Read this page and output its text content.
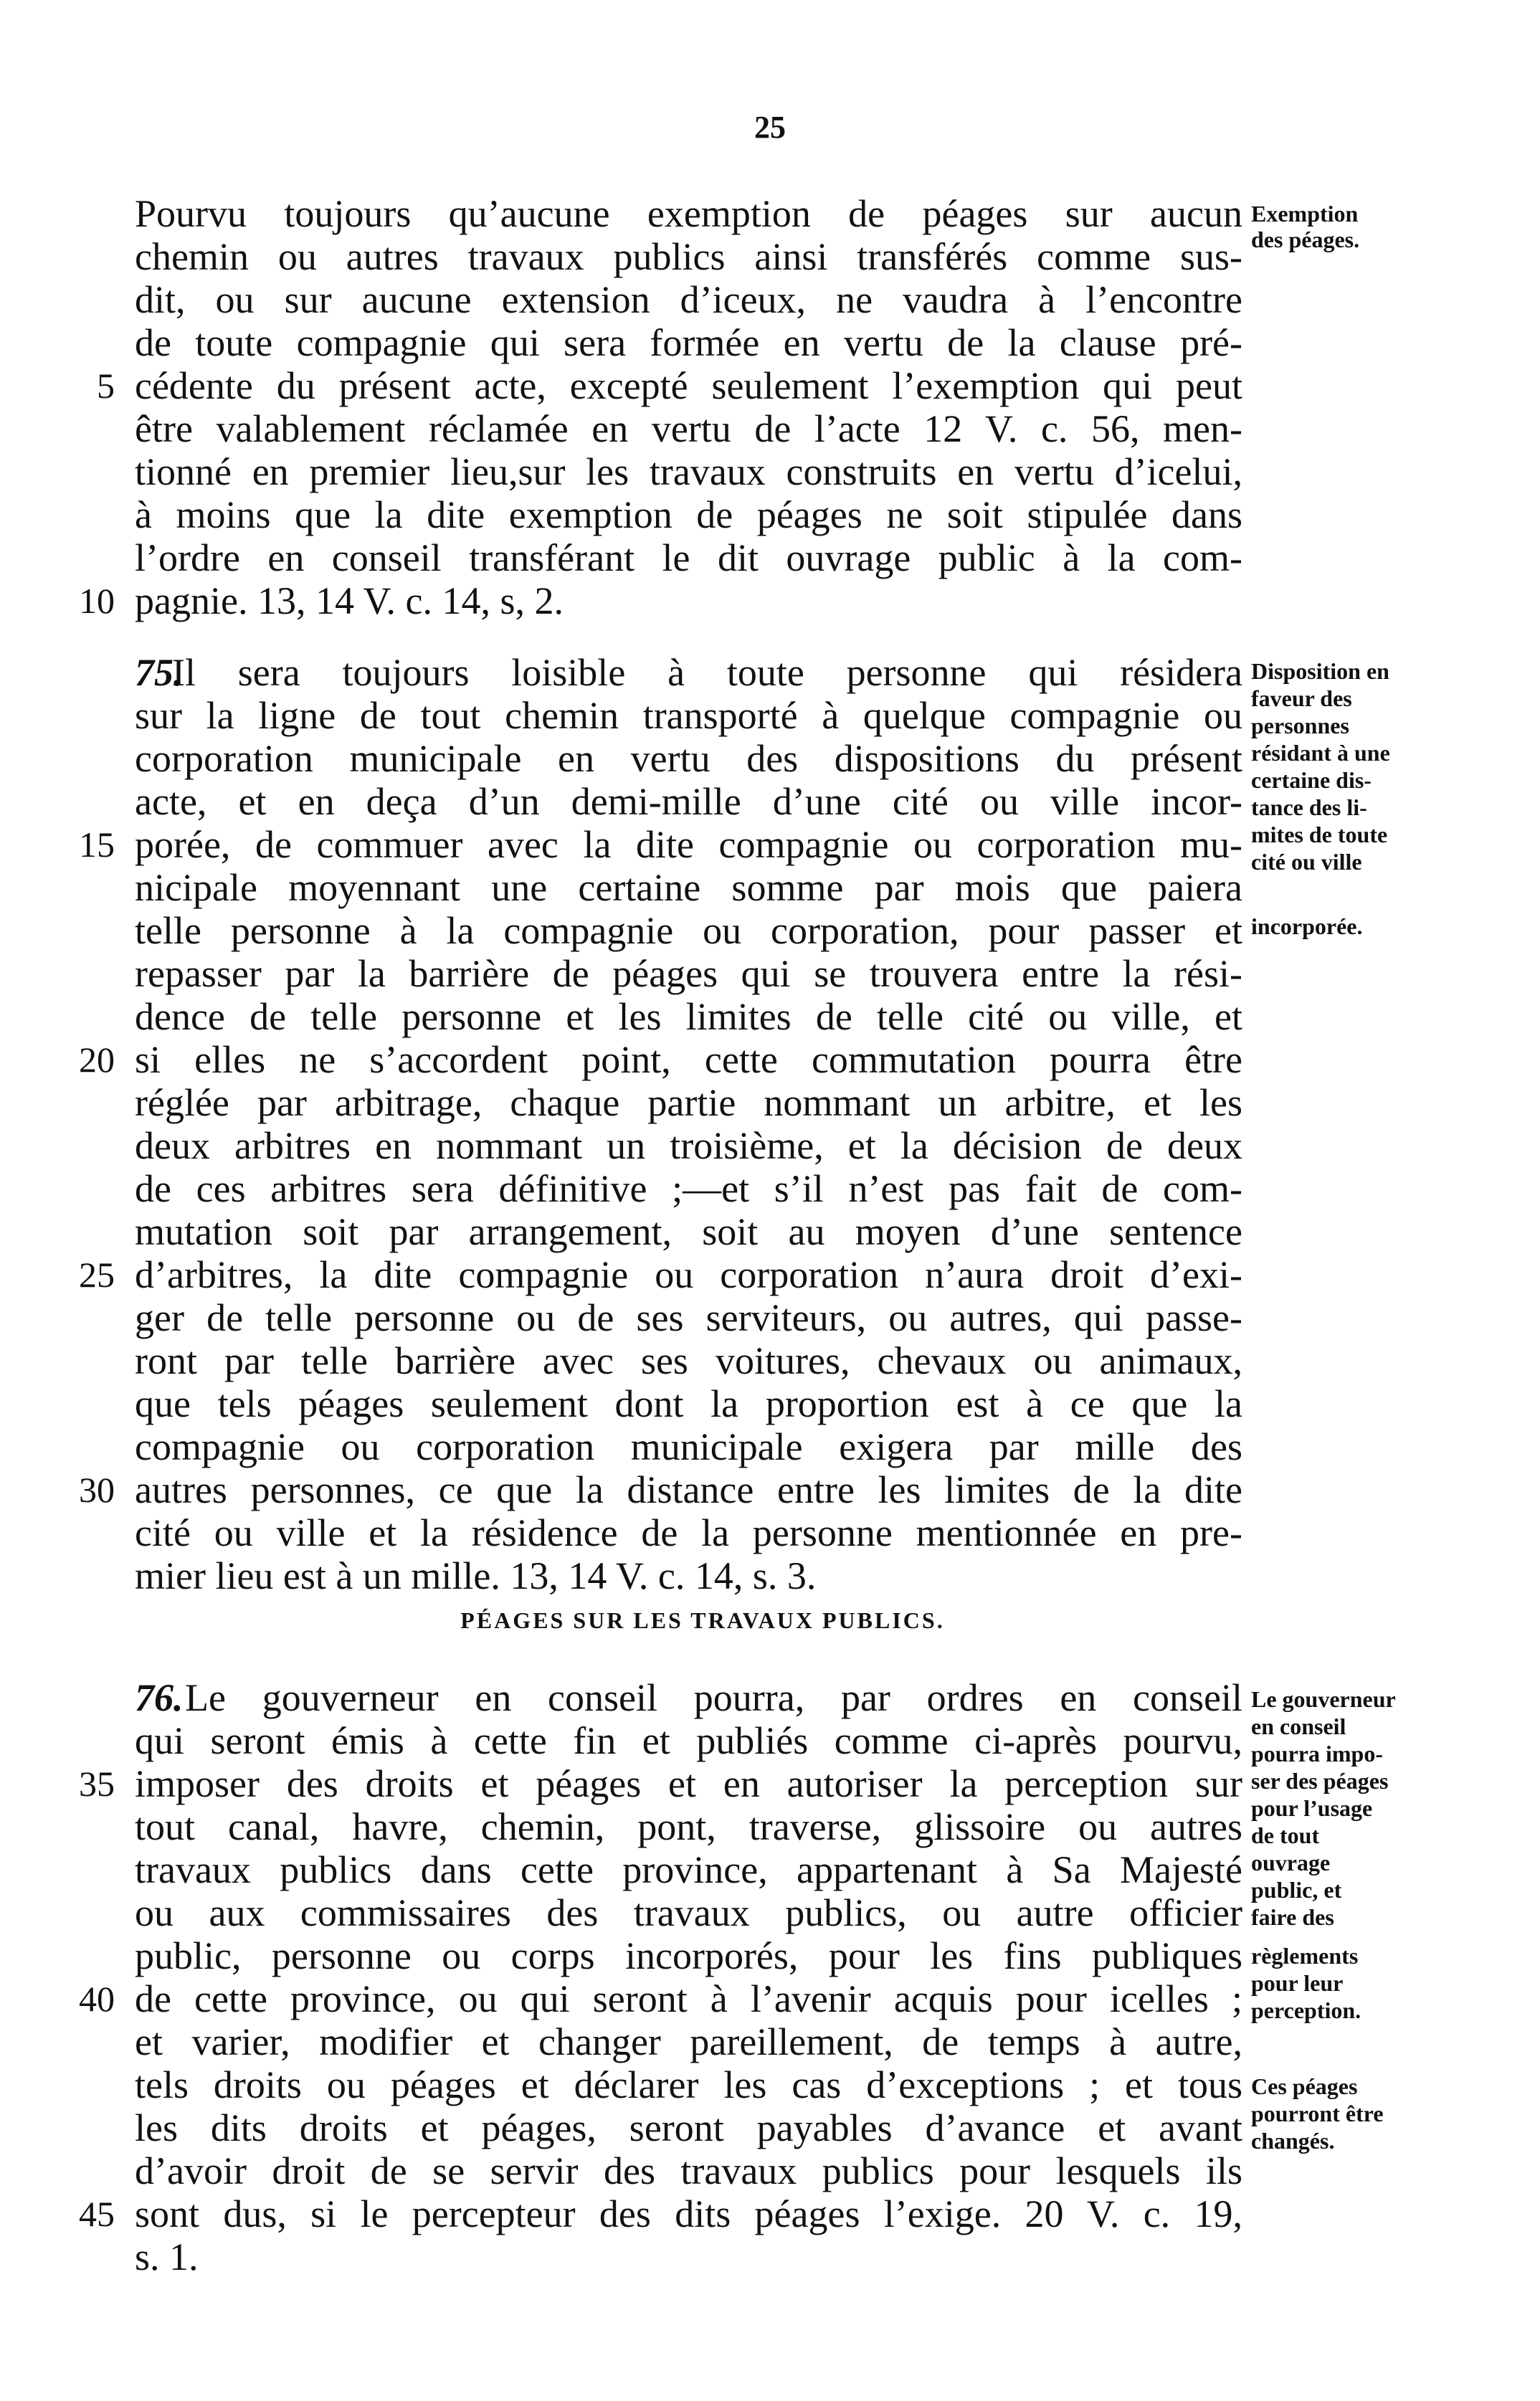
25
Pourvu toujours qu’aucune exemption de péages sur aucun
chemin ou autres travaux publics ainsi transférés comme sus-
dit, ou sur aucune extension d’iceux, ne vaudra à l’encontre
de toute compagnie qui sera formée en vertu de la clause pré-
cédente du présent acte, excepté seulement l’exemption qui peut
être valablement réclamée en vertu de l’acte 12 V. c. 56, men-
tionné en premier lieu,sur les travaux construits en vertu d’icelui,
à moins que la dite exemption de péages ne soit stipulée dans
l’ordre en conseil transférant le dit ouvrage public à la com-
pagnie. 13, 14 V. c. 14, s, 2.
Exemption
des péages.
Il sera toujours loisible à toute personne qui résidera
75.
sur la ligne de tout chemin transporté à quelque compagnie ou
corporation municipale en vertu des dispositions du présent
acte, et en deçа d’un demi-mille d’une cité ou ville incor-
porée, de commuer avec la dite compagnie ou corporation mu-
nicipale moyennant une certaine somme par mois que paiera
telle personne à la compagnie ou corporation, pour passer et
repasser par la barrière de péages qui se trouvera entre la rési-
dence de telle personne et les limites de telle cité ou ville, et
si elles ne s’accordent point, cette commutation pourra être
réglée par arbitrage, chaque partie nommant un arbitre, et les
deux arbitres en nommant un troisième, et la décision de deux
de ces arbitres sera définitive ;—et s’il n’est pas fait de com-
mutation soit par arrangement, soit au moyen d’une sentence
d’arbitres, la dite compagnie ou corporation n’aura droit d’exi-
ger de telle personne ou de ses serviteurs, ou autres, qui passe-
ront par telle barrière avec ses voitures, chevaux ou animaux,
que tels péages seulement dont la proportion est à ce que la
compagnie ou corporation municipale exigera par mille des
autres personnes, ce que la distance entre les limites de la dite
cité ou ville et la résidence de la personne mentionnée en pre-
mier lieu est à un mille. 13, 14 V. c. 14, s. 3.
Disposition en
faveur des
personnes
résidant à une
certaine dis-
tance des li-
mites de toute
cité ou ville
incorporée.
PÉAGES SUR LES TRAVAUX PUBLICS.
76. Le gouverneur en conseil pourra, par ordres en conseil
qui seront émis à cette fin et publiés comme ci-après pourvu,
imposer des droits et péages et en autoriser la perception sur
tout canal, havre, chemin, pont, traverse, glissoire ou autres
travaux publics dans cette province, appartenant à Sa Majesté
ou aux commissaires des travaux publics, ou autre officier
public, personne ou corps incorporés, pour les fins publiques
de cette province, ou qui seront à l’avenir acquis pour icelles ;
et varier, modifier et changer pareillement, de temps à autre,
tels droits ou péages et déclarer les cas d’exceptions ; et tous
les dits droits et péages, seront payables d’avance et avant
d’avoir droit de se servir des travaux publics pour lesquels ils
sont dus, si le percepteur des dits péages l’exige. 20 V. c. 19,
s. 1.
Le gouverneur
en conseil
pourra impo-
ser des péages
pour l’usage
de tout
ouvrage
public, et
faire des
règlements
pour leur
perception.
Ces péages
pourront être
changés.
5
10
15
20
25
30
35
40
45
